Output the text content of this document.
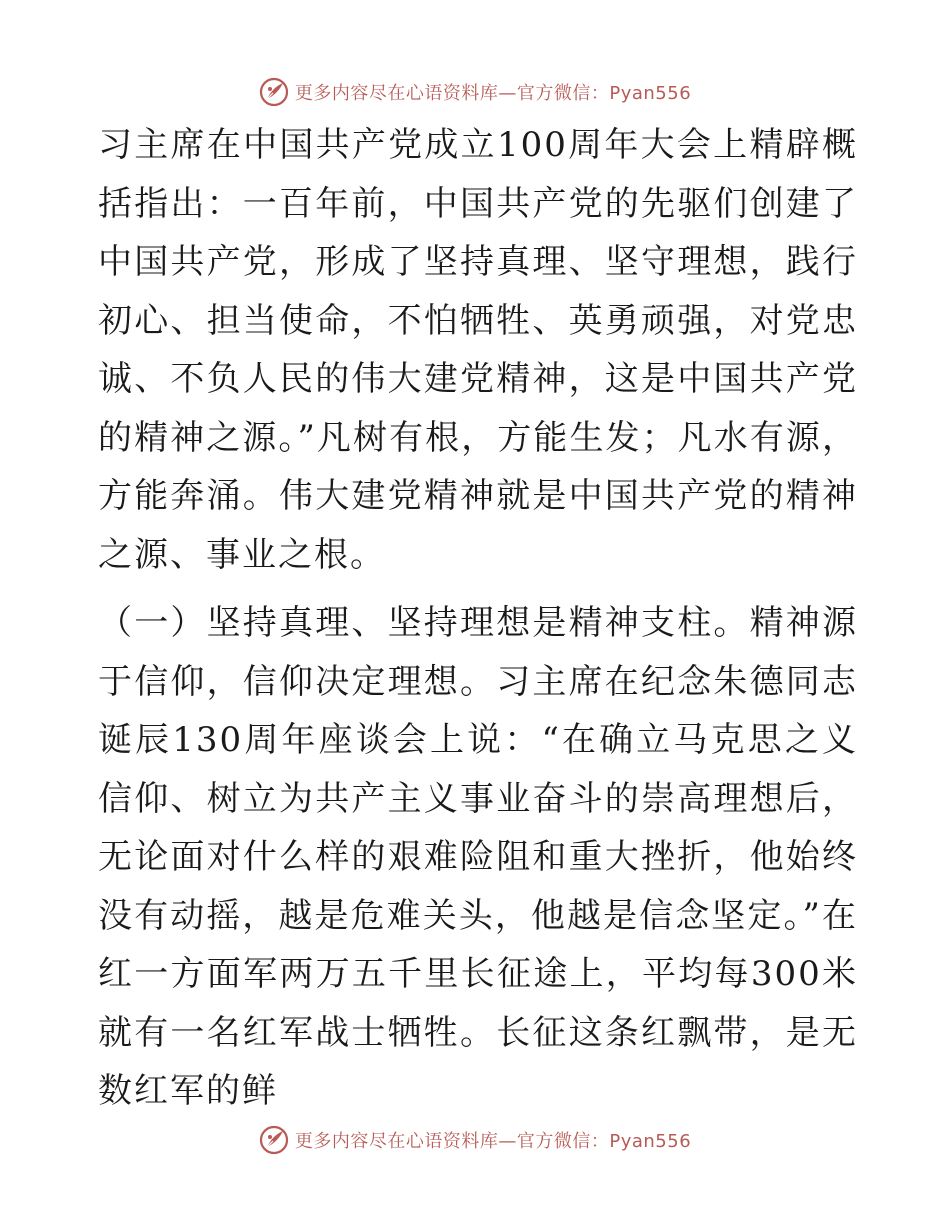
更多内容尽在心语资料库—官方微信：Pyan556

习主席在中国共产党成立100周年大会上精辟概括指出：一百年前，中国共产党的先驱们创建了中国共产党，形成了坚持真理、坚守理想，践行初心、担当使命，不怕牺牲、英勇顽强，对党忠诚、不负人民的伟大建党精神，这是中国共产党的精神之源。”凡树有根，方能生发；凡水有源，方能奔涌。伟大建党精神就是中国共产党的精神之源、事业之根。

（一）坚持真理、坚持理想是精神支柱。精神源于信仰，信仰决定理想。习主席在纪念朱德同志诞辰130周年座谈会上说：“在确立马克思之义信仰、树立为共产主义事业奋斗的崇高理想后，无论面对什么样的艰难险阻和重大挫折，他始终没有动摇，越是危难关头，他越是信念坚定。”在红一方面军两万五千里长征途上，平均每300米就有一名红军战士牺牲。长征这条红飘带，是无数红军的鲜

更多内容尽在心语资料库—官方微信：Pyan556
